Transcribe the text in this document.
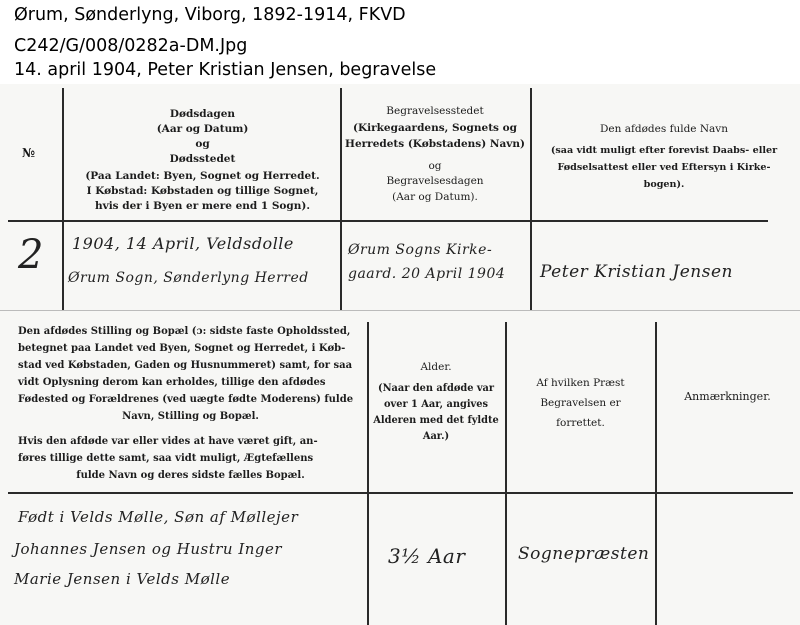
Ørum, Sønderlyng, Viborg, 1892-1914, FKVD
C242/G/008/0282a-DM.Jpg
14. april 1904, Peter Kristian Jensen, begravelse
№
Dødsdagen
(Aar og Datum)
og
Dødsstedet
(Paa Landet: Byen, Sognet og Herredet.
I Købstad: Købstaden og tillige Sognet,
hvis der i Byen er mere end 1 Sogn).
Begravelsesstedet
(Kirkegaardens, Sognets og
Herredets (Købstadens) Navn)
og
Begravelsesdagen
(Aar og Datum).
Den afdødes fulde Navn
(saa vidt muligt efter forevist Daabs- eller
Fødselsattest eller ved Eftersyn i Kirke-
bogen).
2 1904, 14 April, Veldsdolle
Ørum Sogn, Sønderlyng Herred
Ørum Sogns Kirke-
gaard. 20 April 1904 Peter Kristian Jensen
Den afdødes Stilling og Bopæl (ɔ: sidste faste Opholdssted,
betegnet paa Landet ved Byen, Sognet og Herredet, i Køb-
stad ved Købstaden, Gaden og Husnummeret) samt, for saa
vidt Oplysning derom kan erholdes, tillige den afdødes
Fødested og Forældrenes (ved uægte fødte Moderens) fulde
Navn, Stilling og Bopæl.
Hvis den afdøde var eller vides at have været gift, an-
føres tillige dette samt, saa vidt muligt, Ægtefællens
fulde Navn og deres sidste fælles Bopæl.
Alder.
(Naar den afdøde var
over 1 Aar, angives
Alderen med det fyldte
Aar.)
Af hvilken Præst
Begravelsen er
forrettet.
Anmærkninger.
Født i Velds Mølle, Søn af Møllejer
Johannes Jensen og Hustru Inger
Marie Jensen i Velds Mølle
3½ Aar	Sognepræsten
